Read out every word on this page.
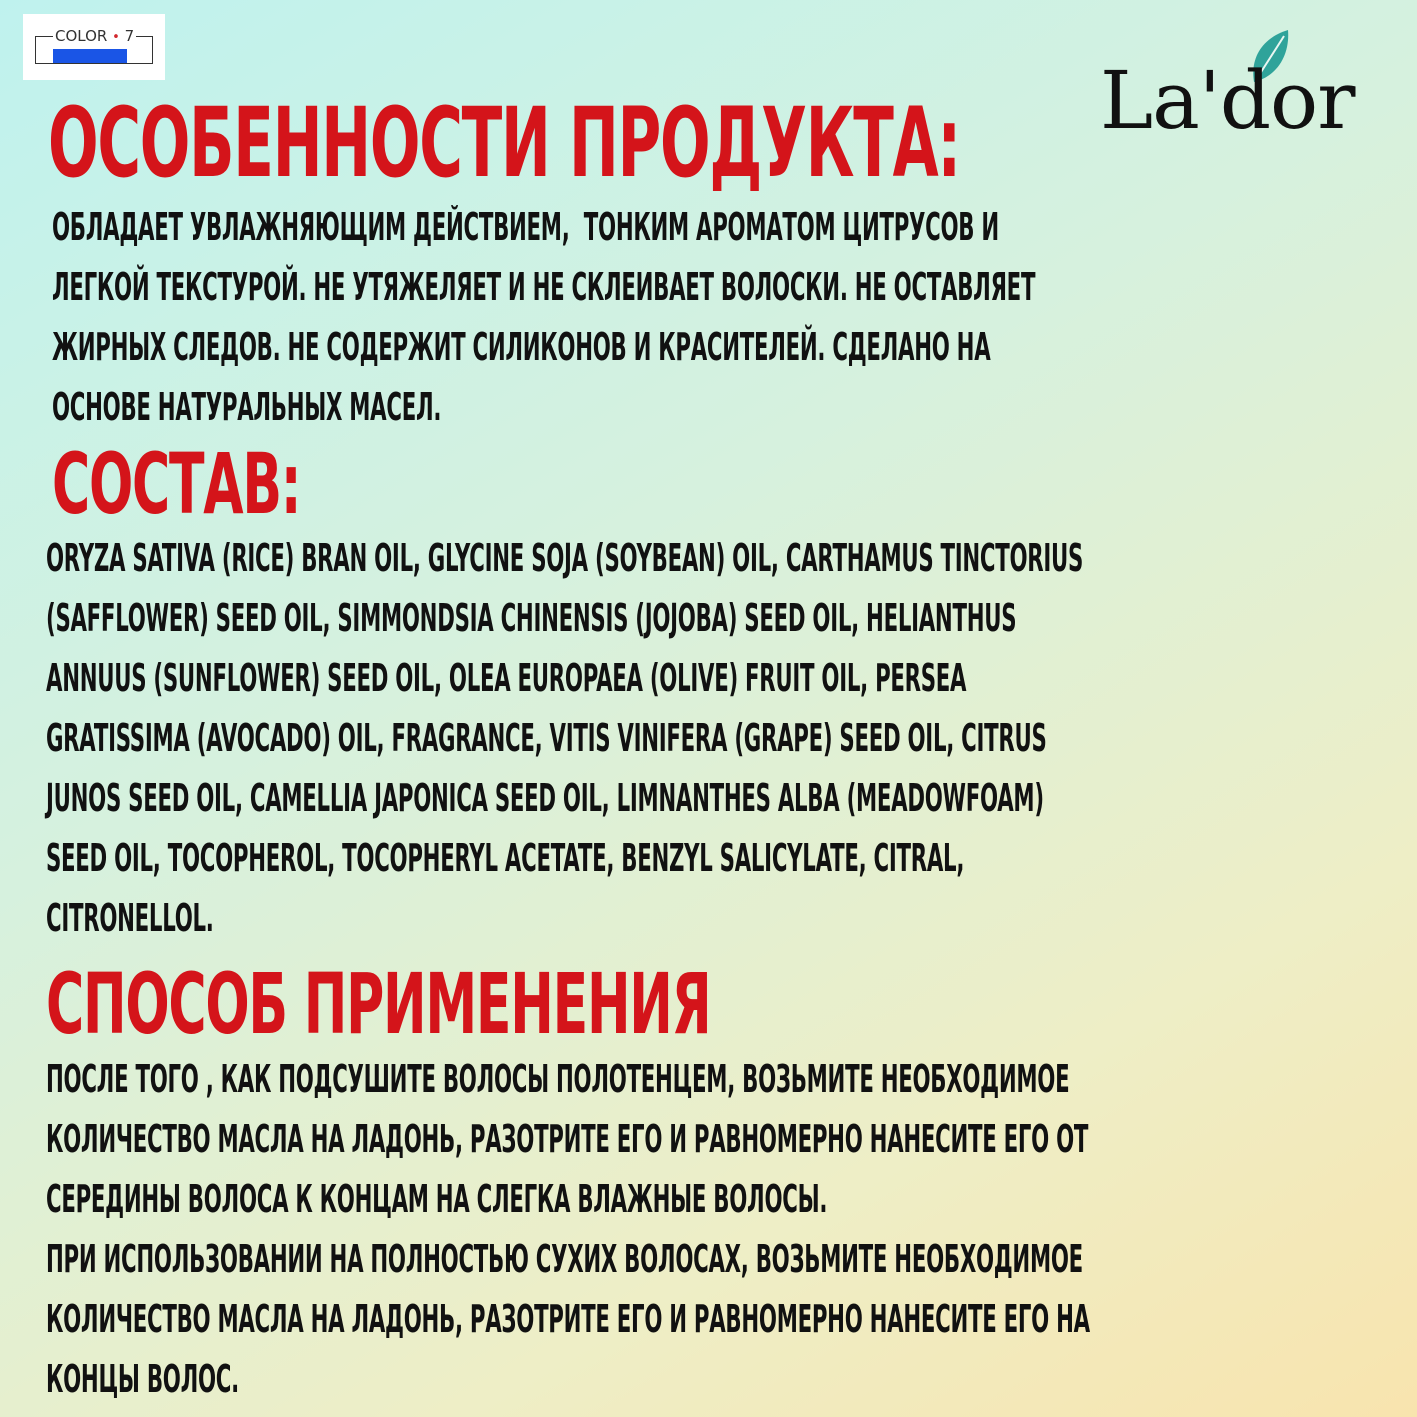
COLOR • 7
La'dor
ОСОБЕННОСТИ ПРОДУКТА:
ОБЛАДАЕТ УВЛАЖНЯЮЩИМ ДЕЙСТВИЕМ,  ТОНКИМ АРОМАТОМ ЦИТРУСОВ И
ЛЕГКОЙ ТЕКСТУРОЙ. НЕ УТЯЖЕЛЯЕТ И НЕ СКЛЕИВАЕТ ВОЛОСКИ. НЕ ОСТАВЛЯЕТ
ЖИРНЫХ СЛЕДОВ. НЕ СОДЕРЖИТ СИЛИКОНОВ И КРАСИТЕЛЕЙ. СДЕЛАНО НА
ОСНОВЕ НАТУРАЛЬНЫХ МАСЕЛ.
СОСТАВ:
ORYZA SATIVA (RICE) BRAN OIL, GLYCINE SOJA (SOYBEAN) OIL, CARTHAMUS TINCTORIUS
(SAFFLOWER) SEED OIL, SIMMONDSIA CHINENSIS (JOJOBA) SEED OIL, HELIANTHUS
ANNUUS (SUNFLOWER) SEED OIL, OLEA EUROPAEA (OLIVE) FRUIT OIL, PERSEA
GRATISSIMA (AVOCADO) OIL, FRAGRANCE, VITIS VINIFERA (GRAPE) SEED OIL, CITRUS
JUNOS SEED OIL, CAMELLIA JAPONICA SEED OIL, LIMNANTHES ALBA (MEADOWFOAM)
SEED OIL, TOCOPHEROL, TOCOPHERYL ACETATE, BENZYL SALICYLATE, CITRAL,
CITRONELLOL.
СПОСОБ ПРИМЕНЕНИЯ
ПОСЛЕ ТОГО , КАК ПОДСУШИТЕ ВОЛОСЫ ПОЛОТЕНЦЕМ, ВОЗЬМИТЕ НЕОБХОДИМОЕ
КОЛИЧЕСТВО МАСЛА НА ЛАДОНЬ, РАЗОТРИТЕ ЕГО И РАВНОМЕРНО НАНЕСИТЕ ЕГО ОТ
СЕРЕДИНЫ ВОЛОСА К КОНЦАМ НА СЛЕГКА ВЛАЖНЫЕ ВОЛОСЫ.
ПРИ ИСПОЛЬЗОВАНИИ НА ПОЛНОСТЬЮ СУХИХ ВОЛОСАХ, ВОЗЬМИТЕ НЕОБХОДИМОЕ
КОЛИЧЕСТВО МАСЛА НА ЛАДОНЬ, РАЗОТРИТЕ ЕГО И РАВНОМЕРНО НАНЕСИТЕ ЕГО НА
КОНЦЫ ВОЛОС.
